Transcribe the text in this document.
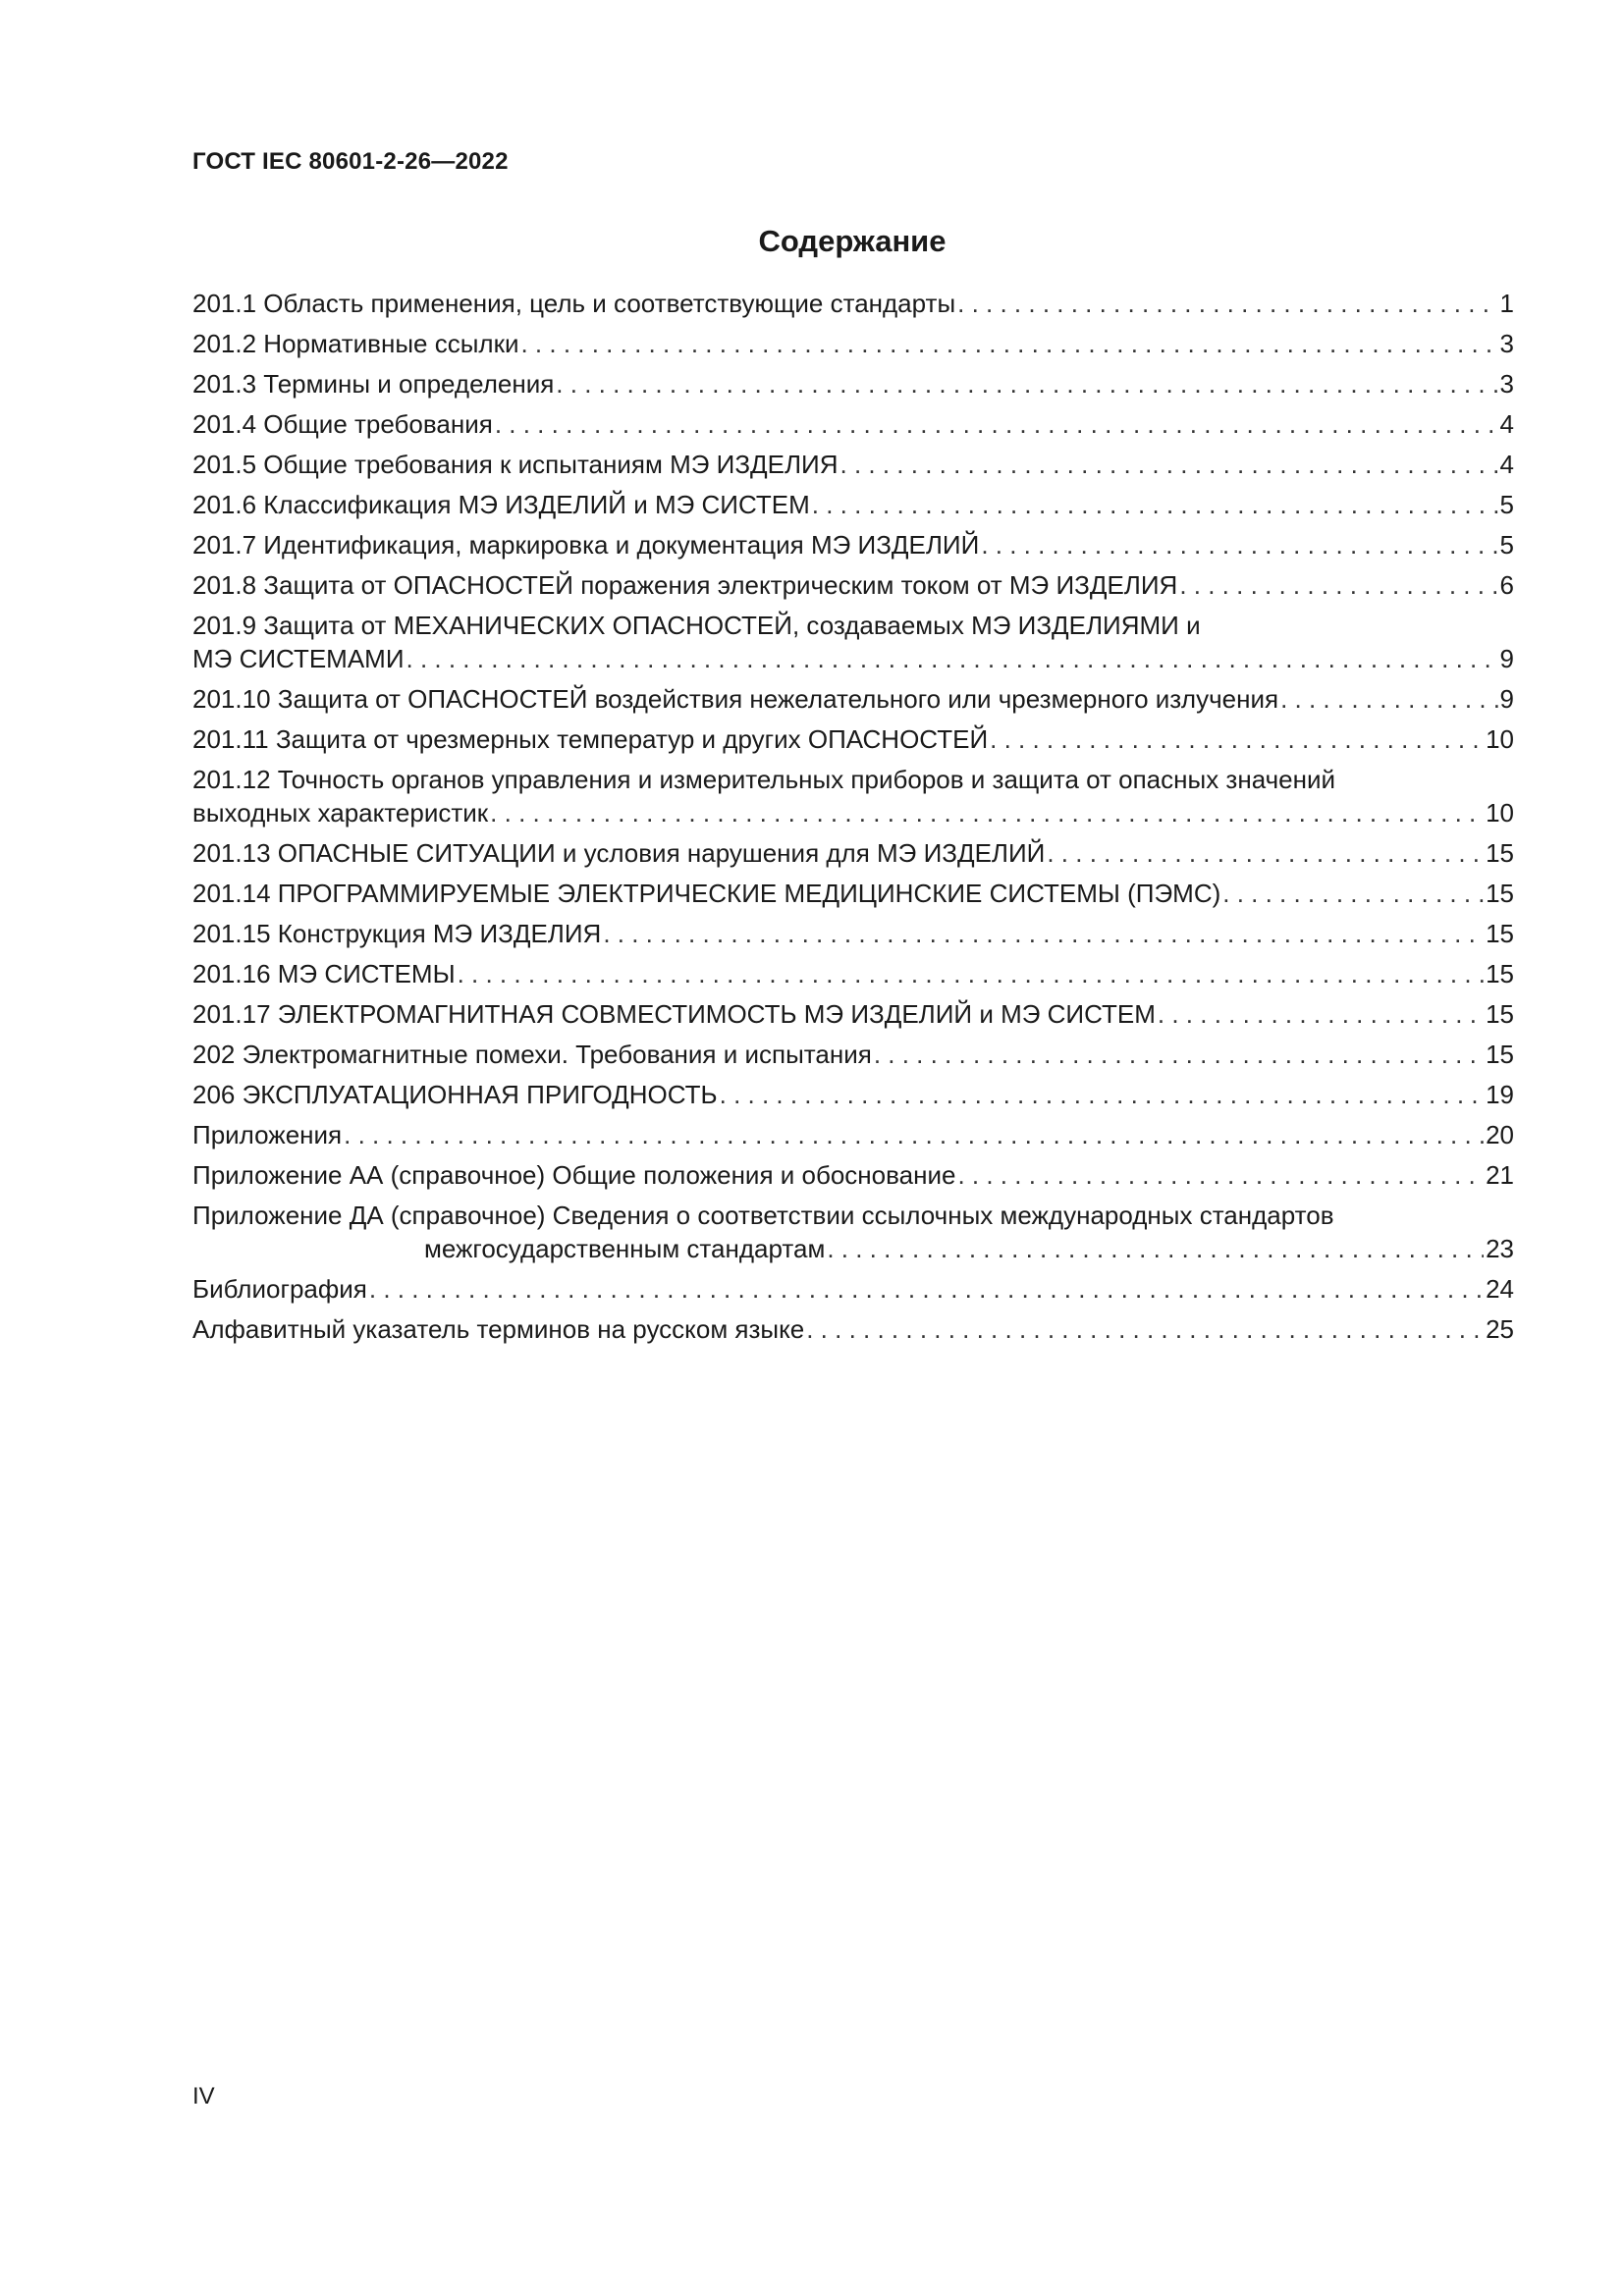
ГОСТ IEC 80601-2-26—2022
Содержание
201.1 Область применения, цель и соответствующие стандарты . . .	1
201.2 Нормативные ссылки . . .	3
201.3 Термины и определения . . .	3
201.4 Общие требования . . .	4
201.5 Общие требования к испытаниям МЭ ИЗДЕЛИЯ . . .	4
201.6 Классификация МЭ ИЗДЕЛИЙ и МЭ СИСТЕМ . . .	5
201.7 Идентификация, маркировка и документация МЭ ИЗДЕЛИЙ . . .	5
201.8 Защита от ОПАСНОСТЕЙ поражения электрическим током от МЭ ИЗДЕЛИЯ . . .	6
201.9 Защита от МЕХАНИЧЕСКИХ ОПАСНОСТЕЙ, создаваемых МЭ ИЗДЕЛИЯМИ и
МЭ СИСТЕМАМИ . . .	9
201.10 Защита от ОПАСНОСТЕЙ воздействия нежелательного или чрезмерного излучения . . .	9
201.11 Защита от чрезмерных температур и других ОПАСНОСТЕЙ . . .	10
201.12 Точность органов управления и измерительных приборов и защита от опасных значений
выходных характеристик . . .	10
201.13 ОПАСНЫЕ СИТУАЦИИ и условия нарушения для МЭ ИЗДЕЛИЙ . . .	15
201.14 ПРОГРАММИРУЕМЫЕ ЭЛЕКТРИЧЕСКИЕ МЕДИЦИНСКИЕ СИСТЕМЫ (ПЭМС) . . .	15
201.15 Конструкция МЭ ИЗДЕЛИЯ . . .	15
201.16 МЭ СИСТЕМЫ . . .	15
201.17 ЭЛЕКТРОМАГНИТНАЯ СОВМЕСТИМОСТЬ МЭ ИЗДЕЛИЙ и МЭ СИСТЕМ . . .	15
202 Электромагнитные помехи. Требования и испытания . . .	15
206 ЭКСПЛУАТАЦИОННАЯ ПРИГОДНОСТЬ . . .	19
Приложения . . .	20
Приложение АА (справочное) Общие положения и обоснование . . .	21
Приложение ДА (справочное) Сведения о соответствии ссылочных международных стандартов
межгосударственным стандартам . . .	23
Библиография . . .	24
Алфавитный указатель терминов на русском языке . . .	25
IV
